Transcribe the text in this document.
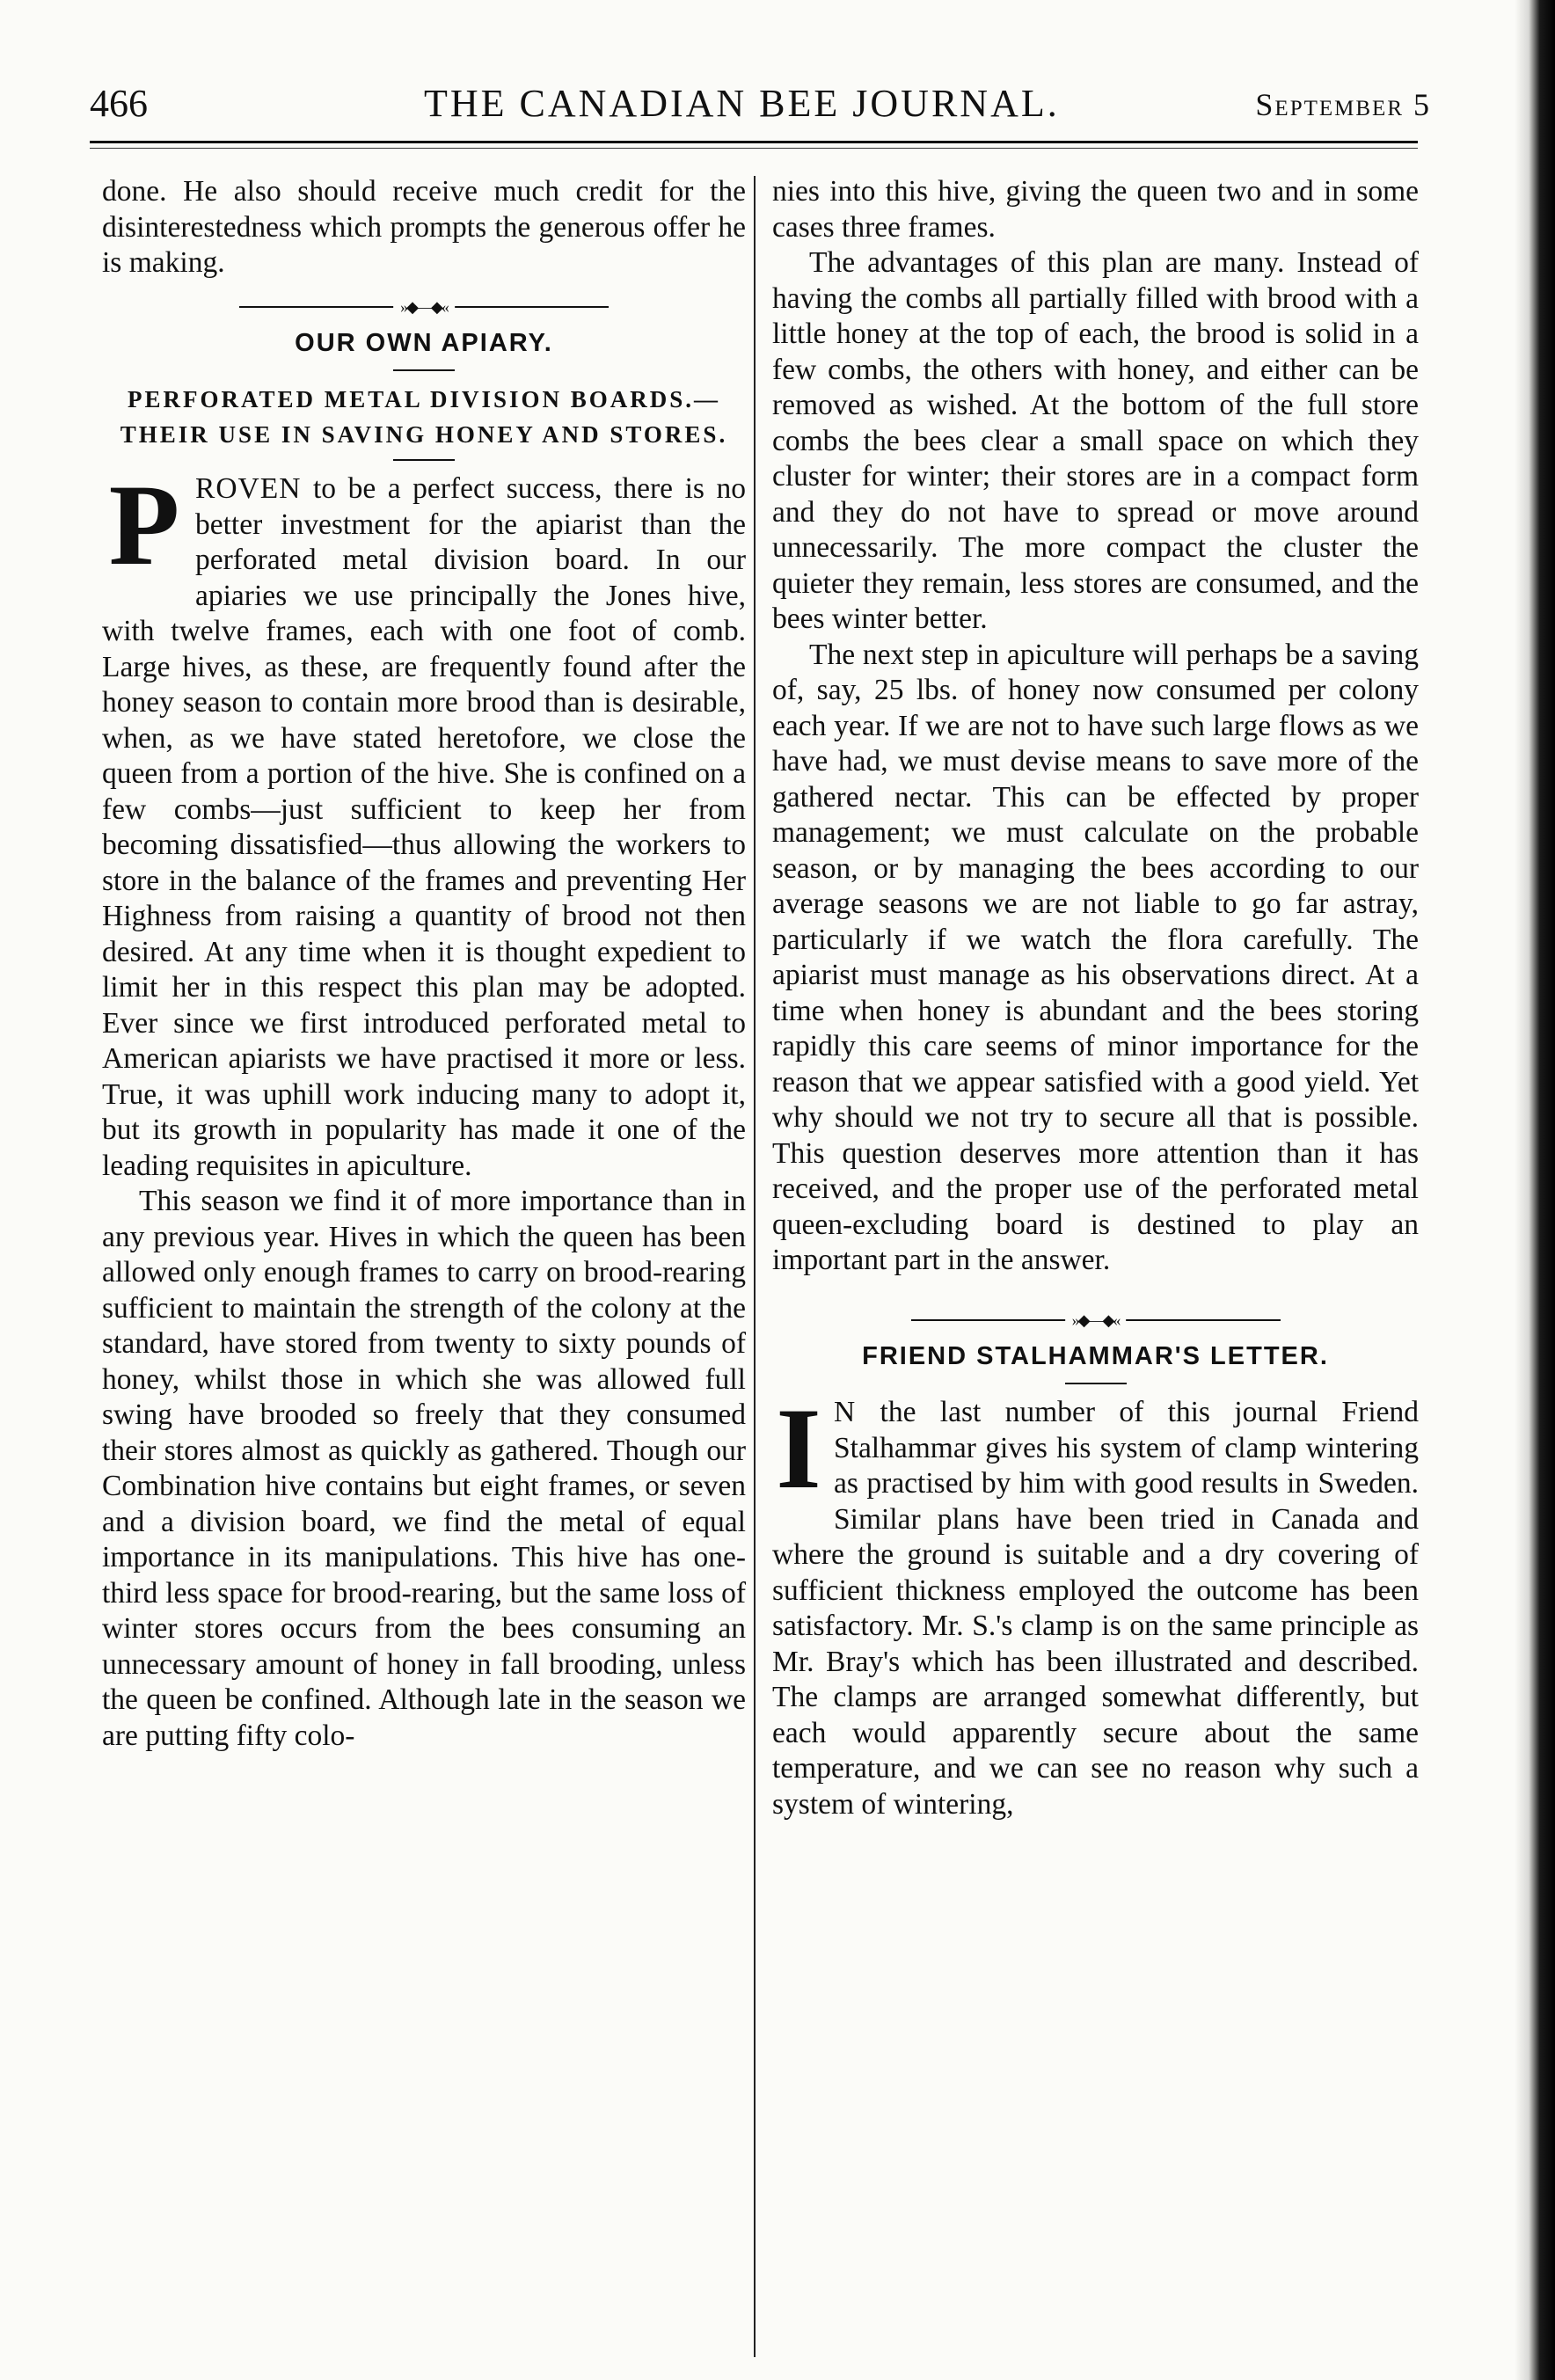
466	THE CANADIAN BEE JOURNAL.	September 5

done. He also should receive much credit for the disinterestedness which prompts the generous offer he is making.

»◆—◆«
OUR OWN APIARY.
PERFORATED METAL DIVISION BOARDS.—THEIR USE IN SAVING HONEY AND STORES.

PROVEN to be a perfect success, there is no better investment for the apiarist than the perforated metal division board. In our apiaries we use principally the Jones hive, with twelve frames, each with one foot of comb. Large hives, as these, are frequently found after the honey season to contain more brood than is desirable, when, as we have stated heretofore, we close the queen from a portion of the hive. She is confined on a few combs—just sufficient to keep her from becoming dissatisfied—thus allowing the workers to store in the balance of the frames and preventing Her Highness from raising a quantity of brood not then desired. At any time when it is thought expedient to limit her in this respect this plan may be adopted. Ever since we first introduced perforated metal to American apiarists we have practised it more or less. True, it was uphill work inducing many to adopt it, but its growth in popularity has made it one of the leading requisites in apiculture.

This season we find it of more importance than in any previous year. Hives in which the queen has been allowed only enough frames to carry on brood-rearing sufficient to maintain the strength of the colony at the standard, have stored from twenty to sixty pounds of honey, whilst those in which she was allowed full swing have brooded so freely that they consumed their stores almost as quickly as gathered. Though our Combination hive contains but eight frames, or seven and a division board, we find the metal of equal importance in its manipulations. This hive has one-third less space for brood-rearing, but the same loss of winter stores occurs from the bees consuming an unnecessary amount of honey in fall brooding, unless the queen be confined. Although late in the season we are putting fifty colo-

nies into this hive, giving the queen two and in some cases three frames.

The advantages of this plan are many. Instead of having the combs all partially filled with brood with a little honey at the top of each, the brood is solid in a few combs, the others with honey, and either can be removed as wished. At the bottom of the full store combs the bees clear a small space on which they cluster for winter; their stores are in a compact form and they do not have to spread or move around unnecessarily. The more compact the cluster the quieter they remain, less stores are consumed, and the bees winter better.

The next step in apiculture will perhaps be a saving of, say, 25 lbs. of honey now consumed per colony each year. If we are not to have such large flows as we have had, we must devise means to save more of the gathered nectar. This can be effected by proper management; we must calculate on the probable season, or by managing the bees according to our average seasons we are not liable to go far astray, particularly if we watch the flora carefully. The apiarist must manage as his observations direct. At a time when honey is abundant and the bees storing rapidly this care seems of minor importance for the reason that we appear satisfied with a good yield. Yet why should we not try to secure all that is possible. This question deserves more attention than it has received, and the proper use of the perforated metal queen-excluding board is destined to play an important part in the answer.

»◆—◆«
FRIEND STALHAMMAR'S LETTER.

I N the last number of this journal Friend Stalhammar gives his system of clamp wintering as practised by him with good results in Sweden. Similar plans have been tried in Canada and where the ground is suitable and a dry covering of sufficient thickness employed the outcome has been satisfactory. Mr. S.'s clamp is on the same principle as Mr. Bray's which has been illustrated and described. The clamps are arranged somewhat differently, but each would apparently secure about the same temperature, and we can see no reason why such a system of wintering,
